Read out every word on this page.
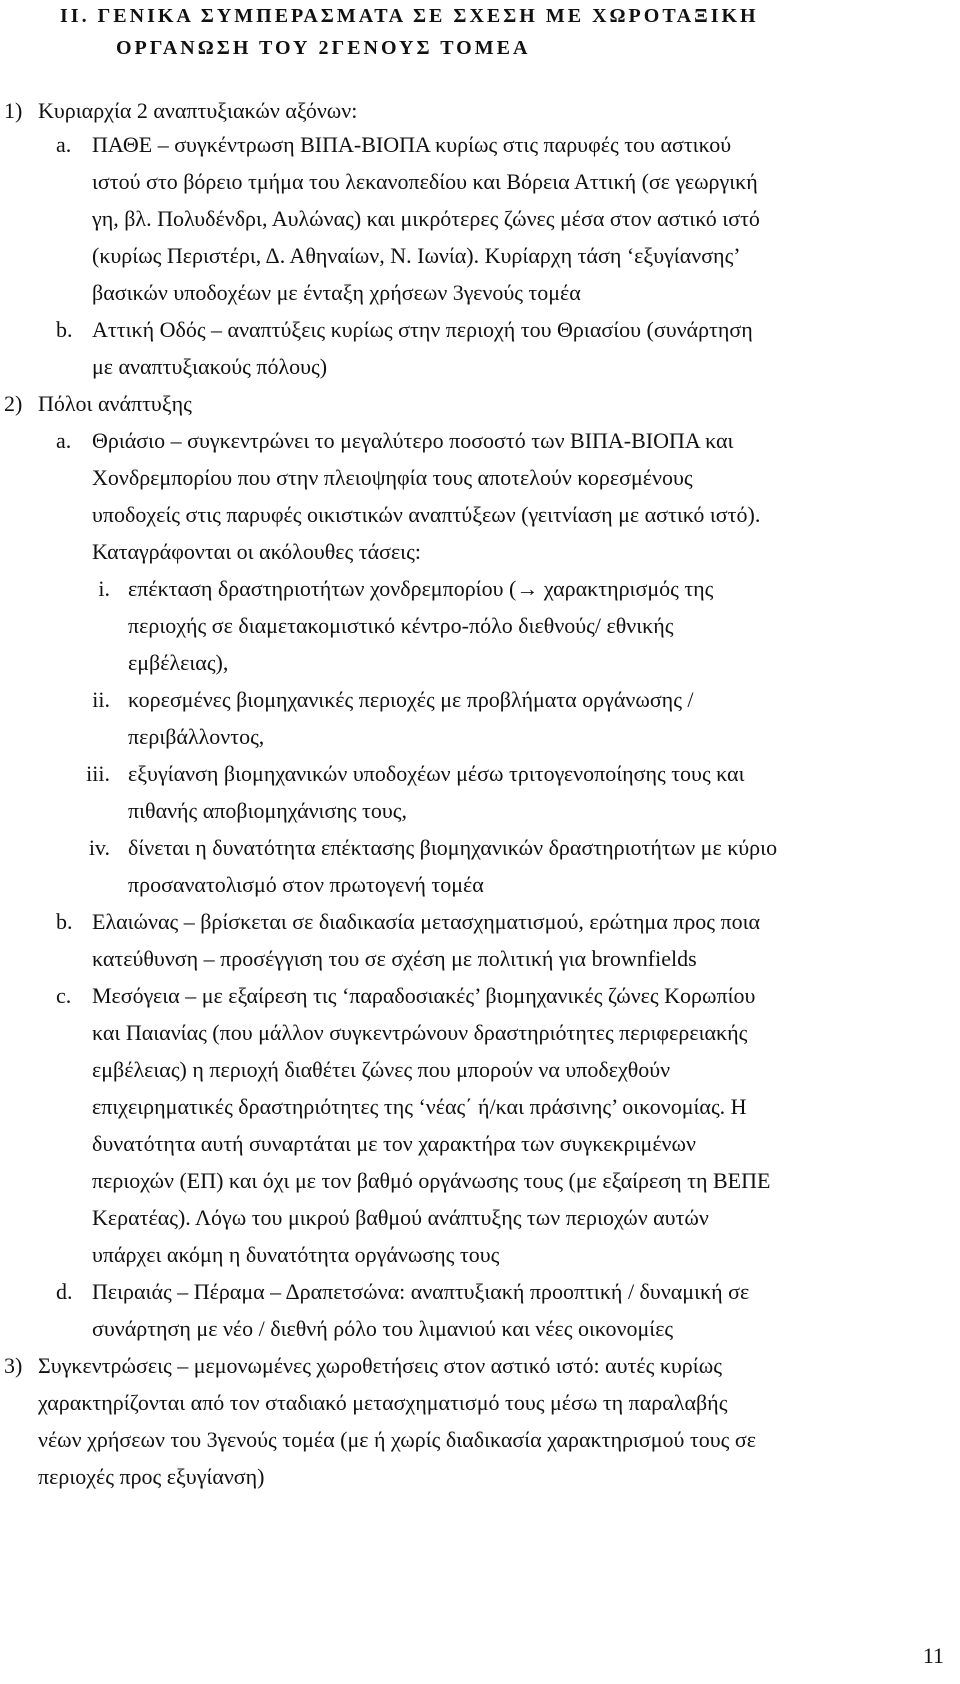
ΙΙ. ΓΕΝΙΚΑ ΣΥΜΠΕΡΑΣΜΑΤΑ ΣΕ ΣΧΕΣΗ ΜΕ ΧΩΡΟΤΑΞΙΚΗ
ΟΡΓΑΝΩΣΗ ΤΟΥ 2ΓΕΝΟΥΣ ΤΟΜΕΑ
1) Κυριαρχία 2 αναπτυξιακών αξόνων:
a. ΠΑΘΕ – συγκέντρωση ΒΙΠΑ-ΒΙΟΠΑ κυρίως στις παρυφές του αστικού
ιστού στο βόρειο τμήμα του λεκανοπεδίου και Βόρεια Αττική (σε γεωργική
γη, βλ. Πολυδένδρι, Αυλώνας) και μικρότερες ζώνες μέσα στον αστικό ιστό
(κυρίως Περιστέρι, Δ. Αθηναίων, Ν. Ιωνία). Κυρίαρχη τάση ‘εξυγίανσης’
βασικών υποδοχέων με ένταξη χρήσεων 3γενούς τομέα
b. Αττική Οδός – αναπτύξεις κυρίως στην περιοχή του Θριασίου (συνάρτηση
με αναπτυξιακούς πόλους)
2) Πόλοι ανάπτυξης
a. Θριάσιο – συγκεντρώνει το μεγαλύτερο ποσοστό των ΒΙΠΑ-ΒΙΟΠΑ και
Χονδρεμπορίου που στην πλειοψηφία τους αποτελούν κορεσμένους
υποδοχείς στις παρυφές οικιστικών αναπτύξεων (γειτνίαση με αστικό ιστό).
Καταγράφονται οι ακόλουθες τάσεις:
i. επέκταση δραστηριοτήτων χονδρεμπορίου (→ χαρακτηρισμός της
περιοχής σε διαμετακομιστικό κέντρο-πόλο διεθνούς/ εθνικής
εμβέλειας),
ii. κορεσμένες βιομηχανικές περιοχές με προβλήματα οργάνωσης /
περιβάλλοντος,
iii. εξυγίανση βιομηχανικών υποδοχέων μέσω τριτογενοποίησης τους και
πιθανής αποβιομηχάνισης τους,
iv. δίνεται η δυνατότητα επέκτασης βιομηχανικών δραστηριοτήτων με κύριο
προσανατολισμό στον πρωτογενή τομέα
b. Ελαιώνας – βρίσκεται σε διαδικασία μετασχηματισμού, ερώτημα προς ποια
κατεύθυνση – προσέγγιση του σε σχέση με πολιτική για brownfields
c. Μεσόγεια – με εξαίρεση τις ‘παραδοσιακές’ βιομηχανικές ζώνες Κορωπίου
και Παιανίας (που μάλλον συγκεντρώνουν δραστηριότητες περιφερειακής
εμβέλειας) η περιοχή διαθέτει ζώνες που μπορούν να υποδεχθούν
επιχειρηματικές δραστηριότητες της ‘νέας΄ ή/και πράσινης’ οικονομίας. Η
δυνατότητα αυτή συναρτάται με τον χαρακτήρα των συγκεκριμένων
περιοχών (ΕΠ) και όχι με τον βαθμό οργάνωσης τους (με εξαίρεση τη ΒΕΠΕ
Κερατέας). Λόγω του μικρού βαθμού ανάπτυξης των περιοχών αυτών
υπάρχει ακόμη η δυνατότητα οργάνωσης τους
d. Πειραιάς – Πέραμα – Δραπετσώνα: αναπτυξιακή προοπτική / δυναμική σε
συνάρτηση με νέο / διεθνή ρόλο του λιμανιού και νέες οικονομίες
3) Συγκεντρώσεις – μεμονωμένες χωροθετήσεις στον αστικό ιστό: αυτές κυρίως
χαρακτηρίζονται από τον σταδιακό μετασχηματισμό τους μέσω τη παραλαβής
νέων χρήσεων του 3γενούς τομέα (με ή χωρίς διαδικασία χαρακτηρισμού τους σε
περιοχές προς εξυγίανση)
11
